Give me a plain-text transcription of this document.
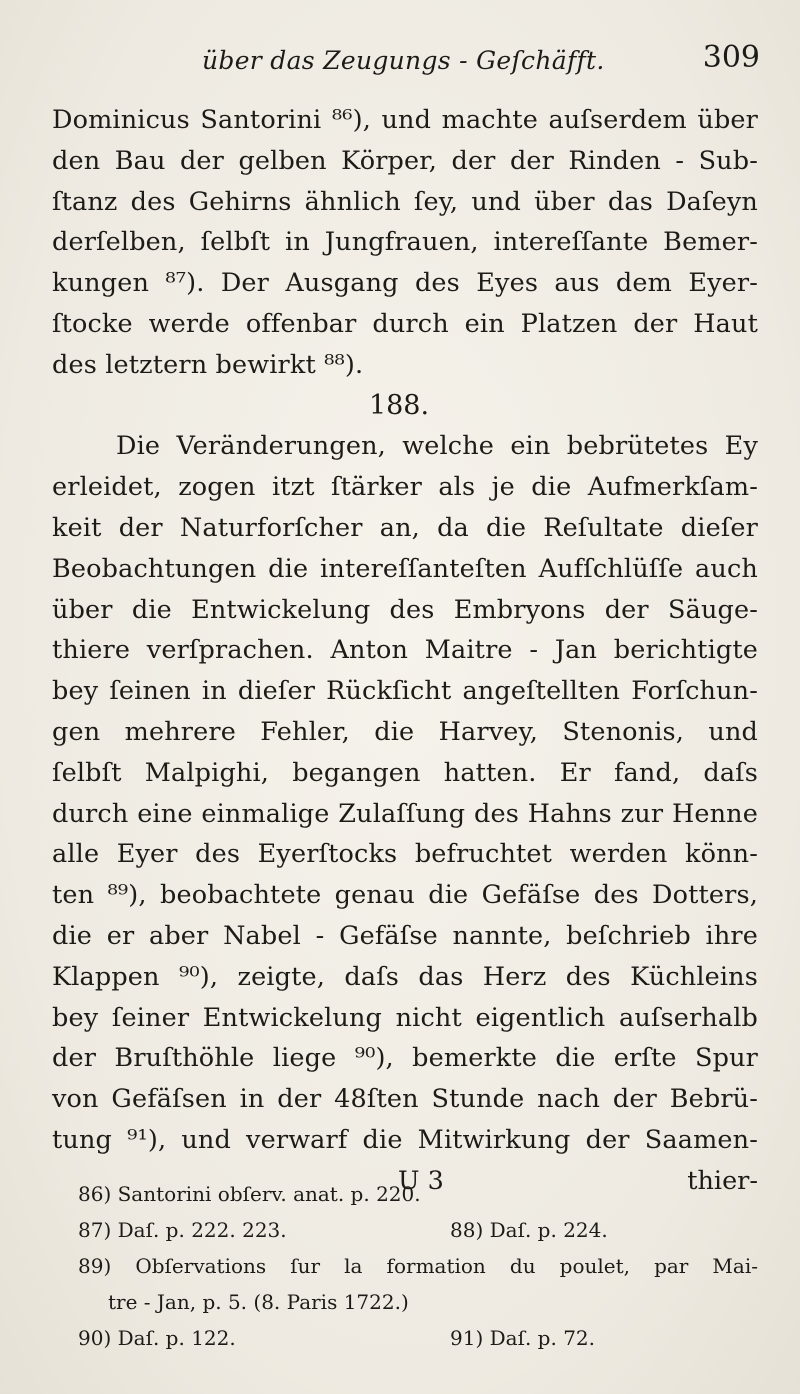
über das Zeugungs - Geſchäfft.	309
Dominicus Santorini ⁸⁶), und machte auſserdem über
den Bau der gelben Körper, der der Rinden - Sub-
ſtanz des Gehirns ähnlich ſey, und über das Daſeyn
derſelben, ſelbſt in Jungfrauen, intereſſante Bemer-
kungen ⁸⁷). Der Ausgang des Eyes aus dem Eyer-
ſtocke werde offenbar durch ein Platzen der Haut
des letztern bewirkt ⁸⁸).
188.
Die Veränderungen, welche ein bebrütetes Ey
erleidet, zogen itzt ſtärker als je die Aufmerkſam-
keit der Naturforſcher an, da die Reſultate dieſer
Beobachtungen die intereſſanteſten Aufſchlüſſe auch
über die Entwickelung des Embryons der Säuge-
thiere verſprachen. Anton Maitre - Jan berichtigte
bey ſeinen in dieſer Rückſicht angeſtellten Forſchun-
gen mehrere Fehler, die Harvey, Stenonis, und
ſelbſt Malpighi, begangen hatten. Er fand, daſs
durch eine einmalige Zulaſſung des Hahns zur Henne
alle Eyer des Eyerſtocks befruchtet werden könn-
ten ⁸⁹), beobachtete genau die Gefäſse des Dotters,
die er aber Nabel - Gefäſse nannte, beſchrieb ihre
Klappen ⁹⁰), zeigte, daſs das Herz des Küchleins
bey ſeiner Entwickelung nicht eigentlich auſserhalb
der Bruſthöhle liege ⁹⁰), bemerkte die erſte Spur
von Gefäſsen in der 48ſten Stunde nach der Bebrü-
tung ⁹¹), und verwarf die Mitwirkung der Saamen-
U 3	thier-
86) Santorini obſerv. anat. p. 220.
87) Daſ. p. 222. 223.	88) Daſ. p. 224.
89) Obſervations ſur la formation du poulet, par Mai-
tre - Jan, p. 5. (8. Paris 1722.)
90) Daſ. p. 122.	91) Daſ. p. 72.
